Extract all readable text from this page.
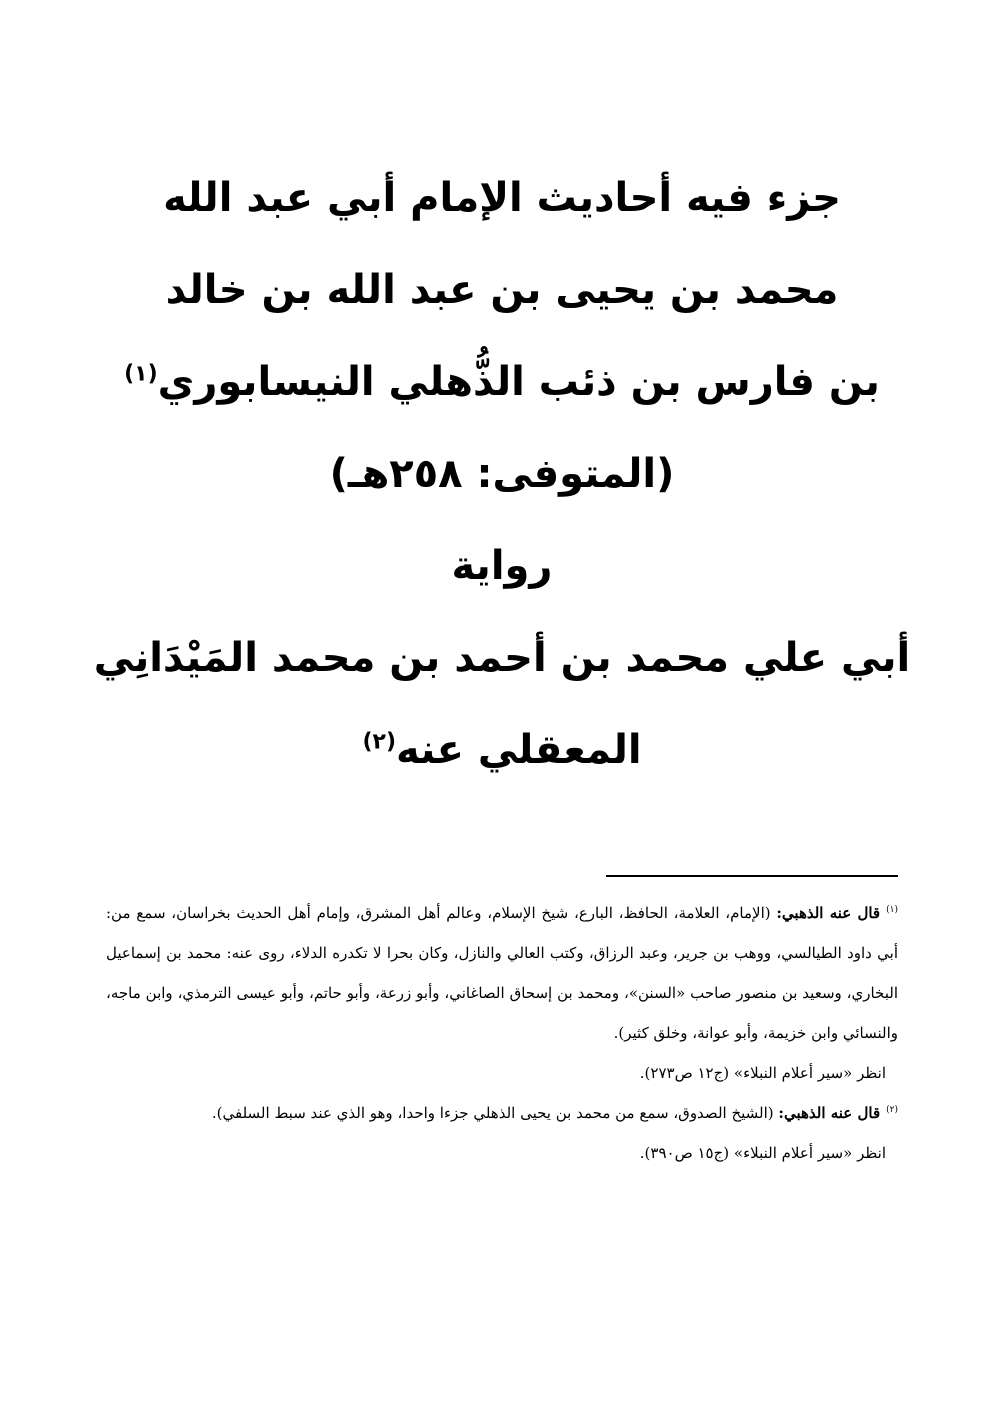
جزء فيه أحاديث الإمام أبي عبد الله
محمد بن يحيى بن عبد الله بن خالد
بن فارس بن ذئب الذُّهلي النيسابوري$^{(١)}$
(المتوفى: ٢٥٨هـ)
رواية
أبي علي محمد بن أحمد بن محمد المَيْدَانِي
المعقلي عنه$^{(٢)}$

$^{(١)}$قال عنه الذهبي: (الإمام، العلامة، الحافظ، البارع، شيخ الإسلام، وعالم أهل المشرق، وإمام أهل الحديث بخراسان، سمع من: أبي داود الطيالسي، ووهب بن جرير، وعبد الرزاق، وكتب العالي والنازل، وكان بحرا لا تكدره الدلاء، روى عنه: محمد بن إسماعيل البخاري، وسعيد بن منصور صاحب «السنن»، ومحمد بن إسحاق الصاغاني، وأبو زرعة، وأبو حاتم، وأبو عيسى الترمذي، وابن ماجه، والنسائي وابن خزيمة، وأبو عوانة، وخلق كثير).

انظر «سير أعلام النبلاء» (ج١٢ ص٢٧٣).

$^{(٢)}$قال عنه الذهبي: (الشيخ الصدوق، سمع من محمد بن يحيى الذهلي جزءا واحدا، وهو الذي عند سبط السلفي).

انظر «سير أعلام النبلاء» (ج١٥ ص٣٩٠).
